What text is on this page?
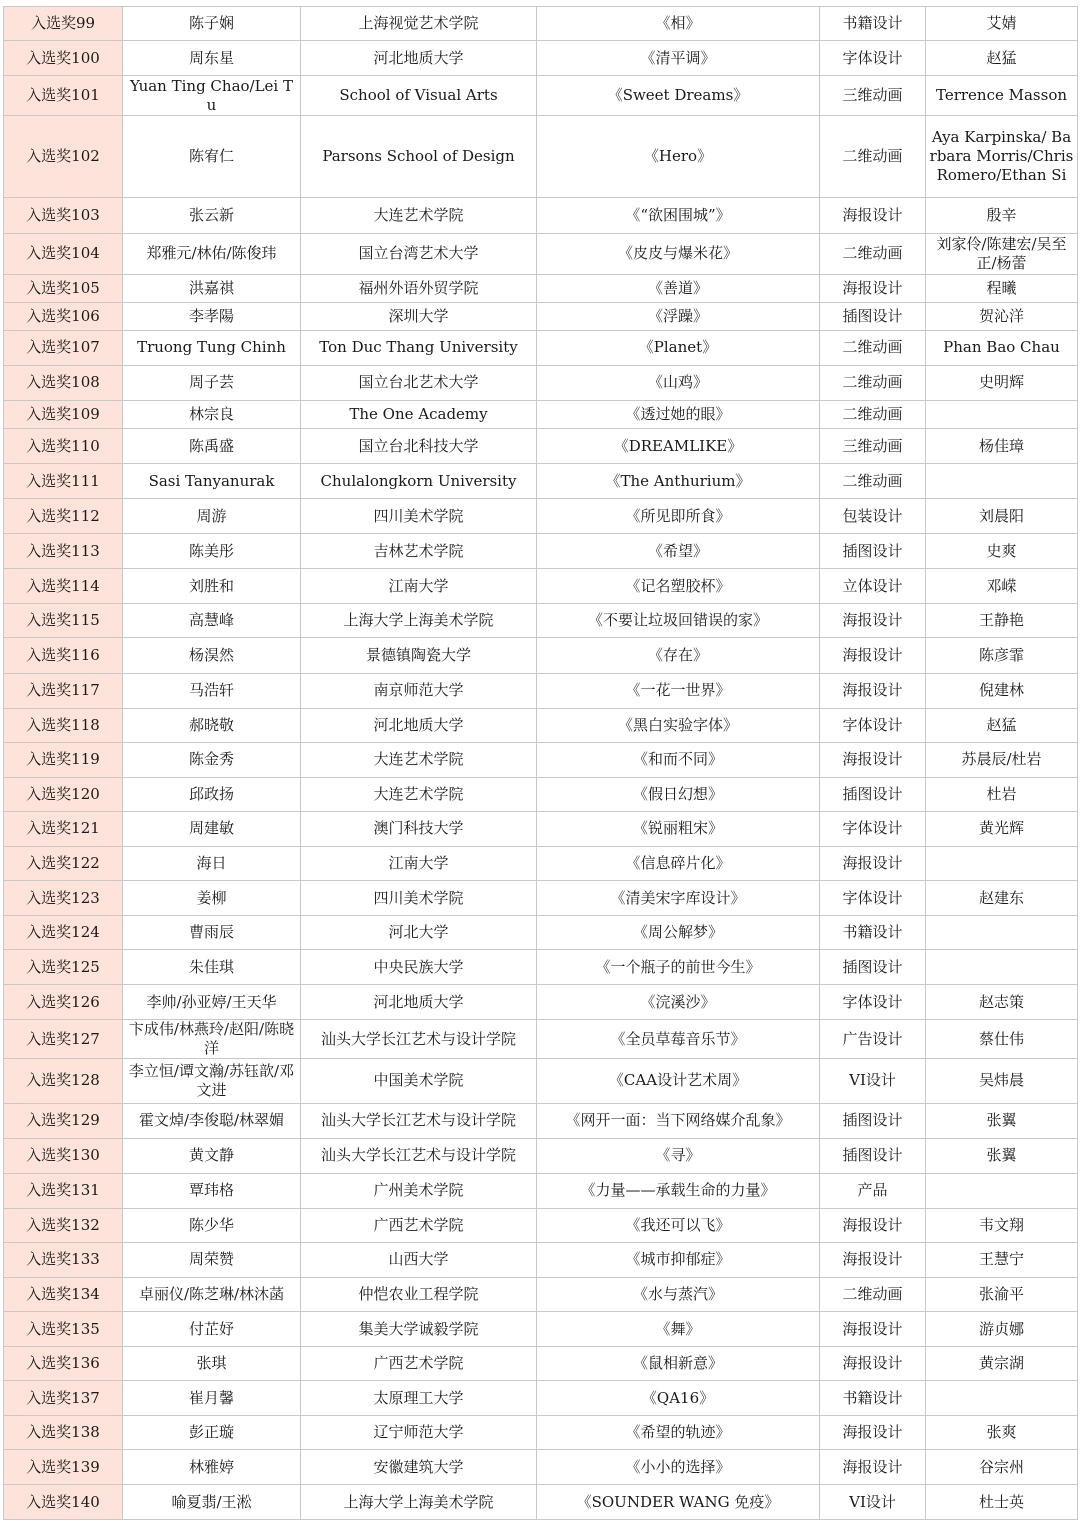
入选奖99	陈子娴	上海视觉艺术学院	《相》	书籍设计	艾婧

入选奖100	周东星	河北地质大学	《清平调》	字体设计	赵猛

入选奖101	Yuan Ting Chao/Lei Tu	School of Visual Arts	《Sweet Dreams》	三维动画	Terrence Masson

入选奖102	陈宥仁	Parsons School of Design	《Hero》	二维动画	Aya Karpinska/ Barbara Morris/Chris Romero/Ethan Si

入选奖103	张云新	大连艺术学院	《“欲困围城”》	海报设计	殷辛

入选奖104	郑雅元/林佑/陈俊玮	国立台湾艺术大学	《皮皮与爆米花》	二维动画	刘家伶/陈建宏/吴至正/杨蕾

入选奖105	洪嘉祺	福州外语外贸学院	《善道》	海报设计	程曦

入选奖106	李孝陽	深圳大学	《浮躁》	插图设计	贺沁洋

入选奖107	Truong Tung Chinh	Ton Duc Thang University	《Planet》	二维动画	Phan Bao Chau

入选奖108	周子芸	国立台北艺术大学	《山鸡》	二维动画	史明辉

入选奖109	林宗良	The One Academy	《透过她的眼》	二维动画	

入选奖110	陈禹盛	国立台北科技大学	《DREAMLIKE》	三维动画	杨佳璋

入选奖111	Sasi Tanyanurak	Chulalongkorn University	《The Anthurium》	二维动画	

入选奖112	周游	四川美术学院	《所见即所食》	包装设计	刘晨阳

入选奖113	陈美彤	吉林艺术学院	《希望》	插图设计	史爽

入选奖114	刘胜和	江南大学	《记名塑胶杯》	立体设计	邓嵘

入选奖115	高慧峰	上海大学上海美术学院	《不要让垃圾回错误的家》	海报设计	王静艳

入选奖116	杨淏然	景德镇陶瓷大学	《存在》	海报设计	陈彦霏

入选奖117	马浩轩	南京师范大学	《一花一世界》	海报设计	倪建林

入选奖118	郝晓敬	河北地质大学	《黑白实验字体》	字体设计	赵猛

入选奖119	陈金秀	大连艺术学院	《和而不同》	海报设计	苏晨辰/杜岩

入选奖120	邱政扬	大连艺术学院	《假日幻想》	插图设计	杜岩

入选奖121	周建敏	澳门科技大学	《锐丽粗宋》	字体设计	黄光辉

入选奖122	海日	江南大学	《信息碎片化》	海报设计	

入选奖123	姜柳	四川美术学院	《清美宋字库设计》	字体设计	赵建东

入选奖124	曹雨辰	河北大学	《周公解梦》	书籍设计	

入选奖125	朱佳琪	中央民族大学	《一个瓶子的前世今生》	插图设计	

入选奖126	李帅/孙亚婷/王天华	河北地质大学	《浣溪沙》	字体设计	赵志策

入选奖127	卞成伟/林燕玲/赵阳/陈晓洋	汕头大学长江艺术与设计学院	《全员草莓音乐节》	广告设计	蔡仕伟

入选奖128	李立恒/谭文瀚/苏钰歆/邓文进	中国美术学院	《CAA设计艺术周》	VI设计	吴炜晨

入选奖129	霍文焯/李俊聪/林翠媚	汕头大学长江艺术与设计学院	《网开一面：当下网络媒介乱象》	插图设计	张翼

入选奖130	黄文静	汕头大学长江艺术与设计学院	《寻》	插图设计	张翼

入选奖131	覃玮格	广州美术学院	《力量——承载生命的力量》	产品	

入选奖132	陈少华	广西艺术学院	《我还可以飞》	海报设计	韦文翔

入选奖133	周荣赞	山西大学	《城市抑郁症》	海报设计	王慧宁

入选奖134	卓丽仪/陈芝琳/林沐菡	仲恺农业工程学院	《水与蒸汽》	二维动画	张渝平

入选奖135	付芷妤	集美大学诚毅学院	《舞》	海报设计	游贞娜

入选奖136	张琪	广西艺术学院	《鼠相新意》	海报设计	黄宗湖

入选奖137	崔月馨	太原理工大学	《QA16》	书籍设计	

入选奖138	彭正璇	辽宁师范大学	《希望的轨迹》	海报设计	张爽

入选奖139	林雅婷	安徽建筑大学	《小小的选择》	海报设计	谷宗州

入选奖140	喻夏翡/王淞	上海大学上海美术学院	《SOUNDER WANG 免疫》	VI设计	杜士英
